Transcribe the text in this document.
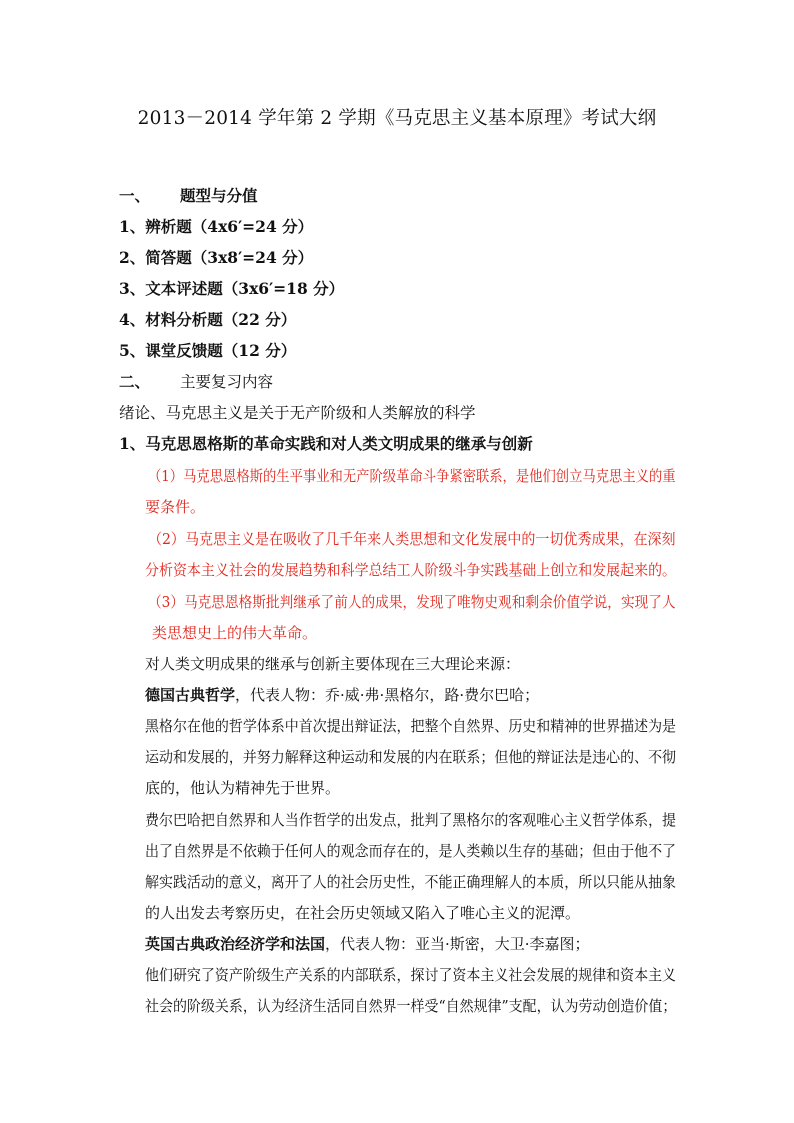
2013－2014 学年第 2 学期《马克思主义基本原理》考试大纲
一、 题型与分值
1、辨析题（4x6′=24 分）
2、简答题（3x8′=24 分）
3、文本评述题（3x6′=18 分）
4、材料分析题（22 分）
5、课堂反馈题（12 分）
二、 主要复习内容
绪论、马克思主义是关于无产阶级和人类解放的科学
1、马克思恩格斯的革命实践和对人类文明成果的继承与创新
（1）马克思恩格斯的生平事业和无产阶级革命斗争紧密联系，是他们创立马克思主义的重
要条件。
（2）马克思主义是在吸收了几千年来人类思想和文化发展中的一切优秀成果，在深刻
分析资本主义社会的发展趋势和科学总结工人阶级斗争实践基础上创立和发展起来的。
（3）马克思恩格斯批判继承了前人的成果，发现了唯物史观和剩余价值学说，实现了人
类思想史上的伟大革命。
对人类文明成果的继承与创新主要体现在三大理论来源：
德国古典哲学，代表人物：乔·威·弗·黑格尔，路·费尔巴哈；
黑格尔在他的哲学体系中首次提出辩证法，把整个自然界、历史和精神的世界描述为是
运动和发展的，并努力解释这种运动和发展的内在联系；但他的辩证法是违心的、不彻
底的，他认为精神先于世界。
费尔巴哈把自然界和人当作哲学的出发点，批判了黑格尔的客观唯心主义哲学体系，提
出了自然界是不依赖于任何人的观念而存在的，是人类赖以生存的基础；但由于他不了
解实践活动的意义，离开了人的社会历史性，不能正确理解人的本质，所以只能从抽象
的人出发去考察历史，在社会历史领域又陷入了唯心主义的泥潭。
英国古典政治经济学和法国，代表人物：亚当·斯密，大卫·李嘉图；
他们研究了资产阶级生产关系的内部联系，探讨了资本主义社会发展的规律和资本主义
社会的阶级关系，认为经济生活同自然界一样受“自然规律”支配，认为劳动创造价值；
